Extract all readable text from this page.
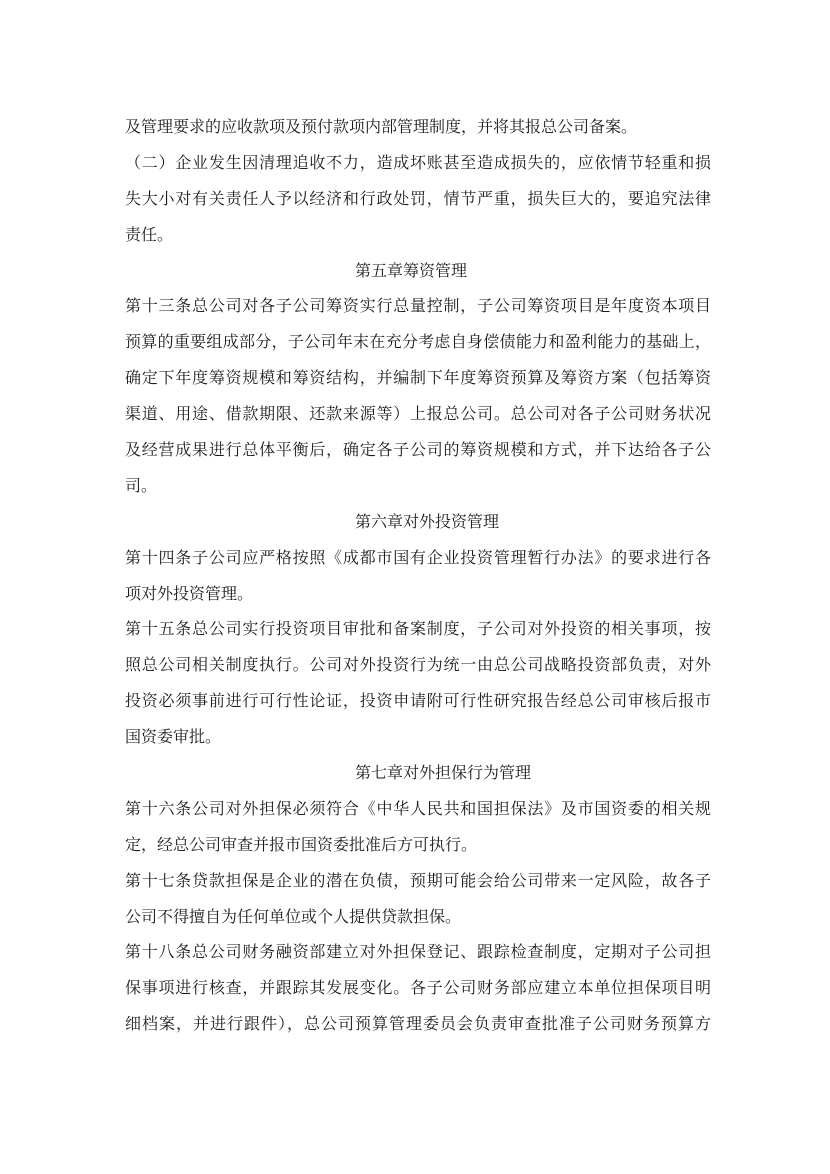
及管理要求的应收款项及预付款项内部管理制度，并将其报总公司备案。
（二）企业发生因清理追收不力，造成坏账甚至造成损失的，应依情节轻重和损
失大小对有关责任人予以经济和行政处罚，情节严重，损失巨大的，要追究法律
责任。
第五章筹资管理
第十三条总公司对各子公司筹资实行总量控制，子公司筹资项目是年度资本项目
预算的重要组成部分，子公司年末在充分考虑自身偿债能力和盈利能力的基础上，
确定下年度筹资规模和筹资结构，并编制下年度筹资预算及筹资方案（包括筹资
渠道、用途、借款期限、还款来源等）上报总公司。总公司对各子公司财务状况
及经营成果进行总体平衡后，确定各子公司的筹资规模和方式，并下达给各子公
司。
第六章对外投资管理
第十四条子公司应严格按照《成都市国有企业投资管理暂行办法》的要求进行各
项对外投资管理。
第十五条总公司实行投资项目审批和备案制度，子公司对外投资的相关事项，按
照总公司相关制度执行。公司对外投资行为统一由总公司战略投资部负责，对外
投资必须事前进行可行性论证，投资申请附可行性研究报告经总公司审核后报市
国资委审批。
第七章对外担保行为管理
第十六条公司对外担保必须符合《中华人民共和国担保法》及市国资委的相关规
定，经总公司审查并报市国资委批准后方可执行。
第十七条贷款担保是企业的潜在负债，预期可能会给公司带来一定风险，故各子
公司不得擅自为任何单位或个人提供贷款担保。
第十八条总公司财务融资部建立对外担保登记、跟踪检查制度，定期对子公司担
保事项进行核查，并跟踪其发展变化。各子公司财务部应建立本单位担保项目明
细档案，并进行跟件），总公司预算管理委员会负责审查批准子公司财务预算方
